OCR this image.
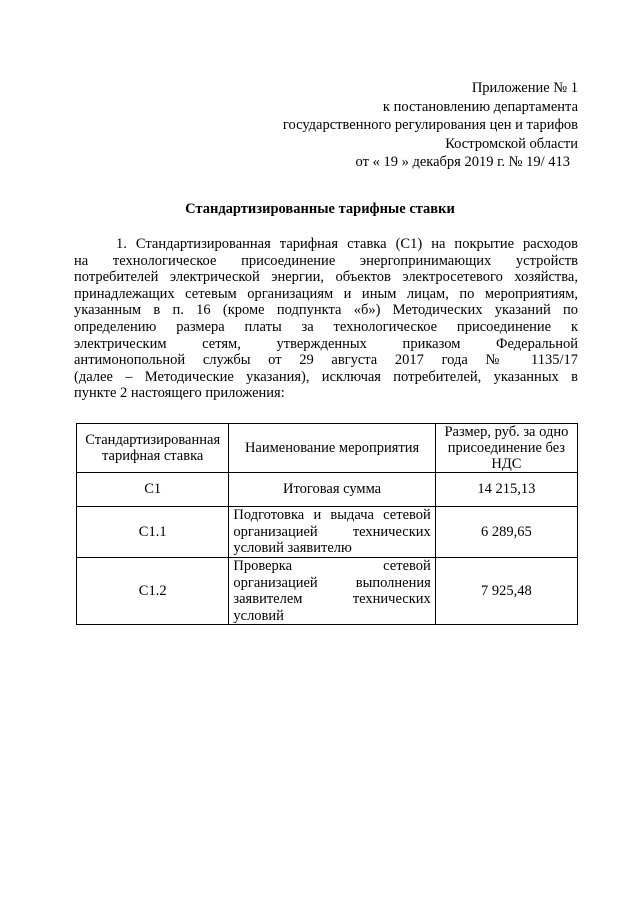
Приложение № 1
к постановлению департамента
государственного регулирования цен и тарифов
Костромской области
от « 19 » декабря 2019 г. № 19/ 413
Стандартизированные тарифные ставки
1. Стандартизированная тарифная ставка (С1) на покрытие расходов
на технологическое присоединение энергопринимающих устройств
потребителей электрической энергии, объектов электросетевого хозяйства,
принадлежащих сетевым организациям и иным лицам, по мероприятиям,
указанным в п. 16 (кроме подпункта «б») Методических указаний по
определению размера платы за технологическое присоединение к
электрическим сетям, утвержденных приказом Федеральной
антимонопольной службы от 29 августа 2017 года № 1135/17
(далее – Методические указания), исключая потребителей, указанных в
пункте 2 настоящего приложения:
Стандартизированная тарифная ставка	Наименование мероприятия	Размер, руб. за одно присоединение без НДС
С1	Итоговая сумма	14 215,13
С1.1	Подготовка и выдача сетевой
организацией технических
условий заявителю	6 289,65
С1.2	Проверка сетевой
организацией выполнения
заявителем технических
условий	7 925,48
